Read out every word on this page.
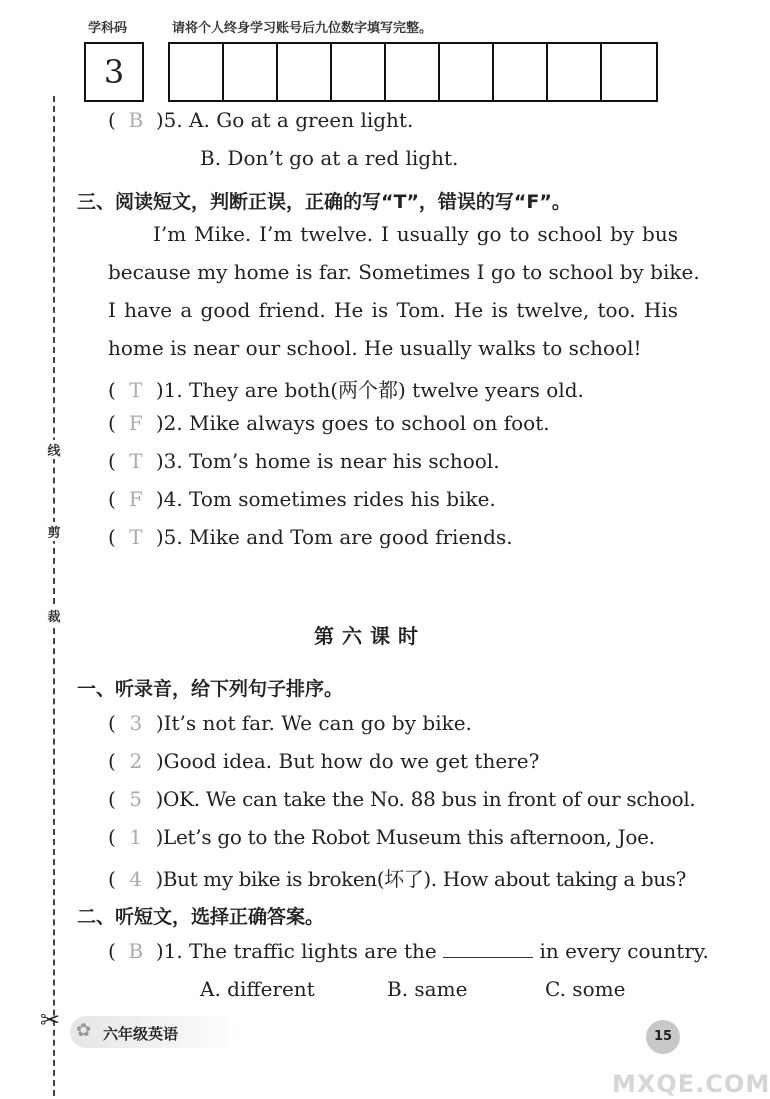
学科码	请将个人终身学习账号后九位数字填写完整。
3
线
剪
裁
✂
( B )5. A. Go at a green light.
B. Don’t go at a red light.
三、阅读短文，判断正误，正确的写“T”，错误的写“F”。
I’m Mike. I’m twelve. I usually go to school by bus
because my home is far. Sometimes I go to school by bike.
I have a good friend. He is Tom. He is twelve, too. His
home is near our school. He usually walks to school!
( T )1. They are both(两个都) twelve years old.
( F )2. Mike always goes to school on foot.
( T )3. Tom’s home is near his school.
( F )4. Tom sometimes rides his bike.
( T )5. Mike and Tom are good friends.
第六课时
一、听录音，给下列句子排序。
( 3 )It’s not far. We can go by bike.
( 2 )Good idea. But how do we get there?
( 5 )OK. We can take the No. 88 bus in front of our school.
( 1 )Let’s go to the Robot Museum this afternoon, Joe.
( 4 )But my bike is broken(坏了). How about taking a bus?
二、听短文，选择正确答案。
( B )1. The traffic lights are the	in every country.
A. different	B. same	C. some
✿ 六年级英语	15
MXQE.COM
